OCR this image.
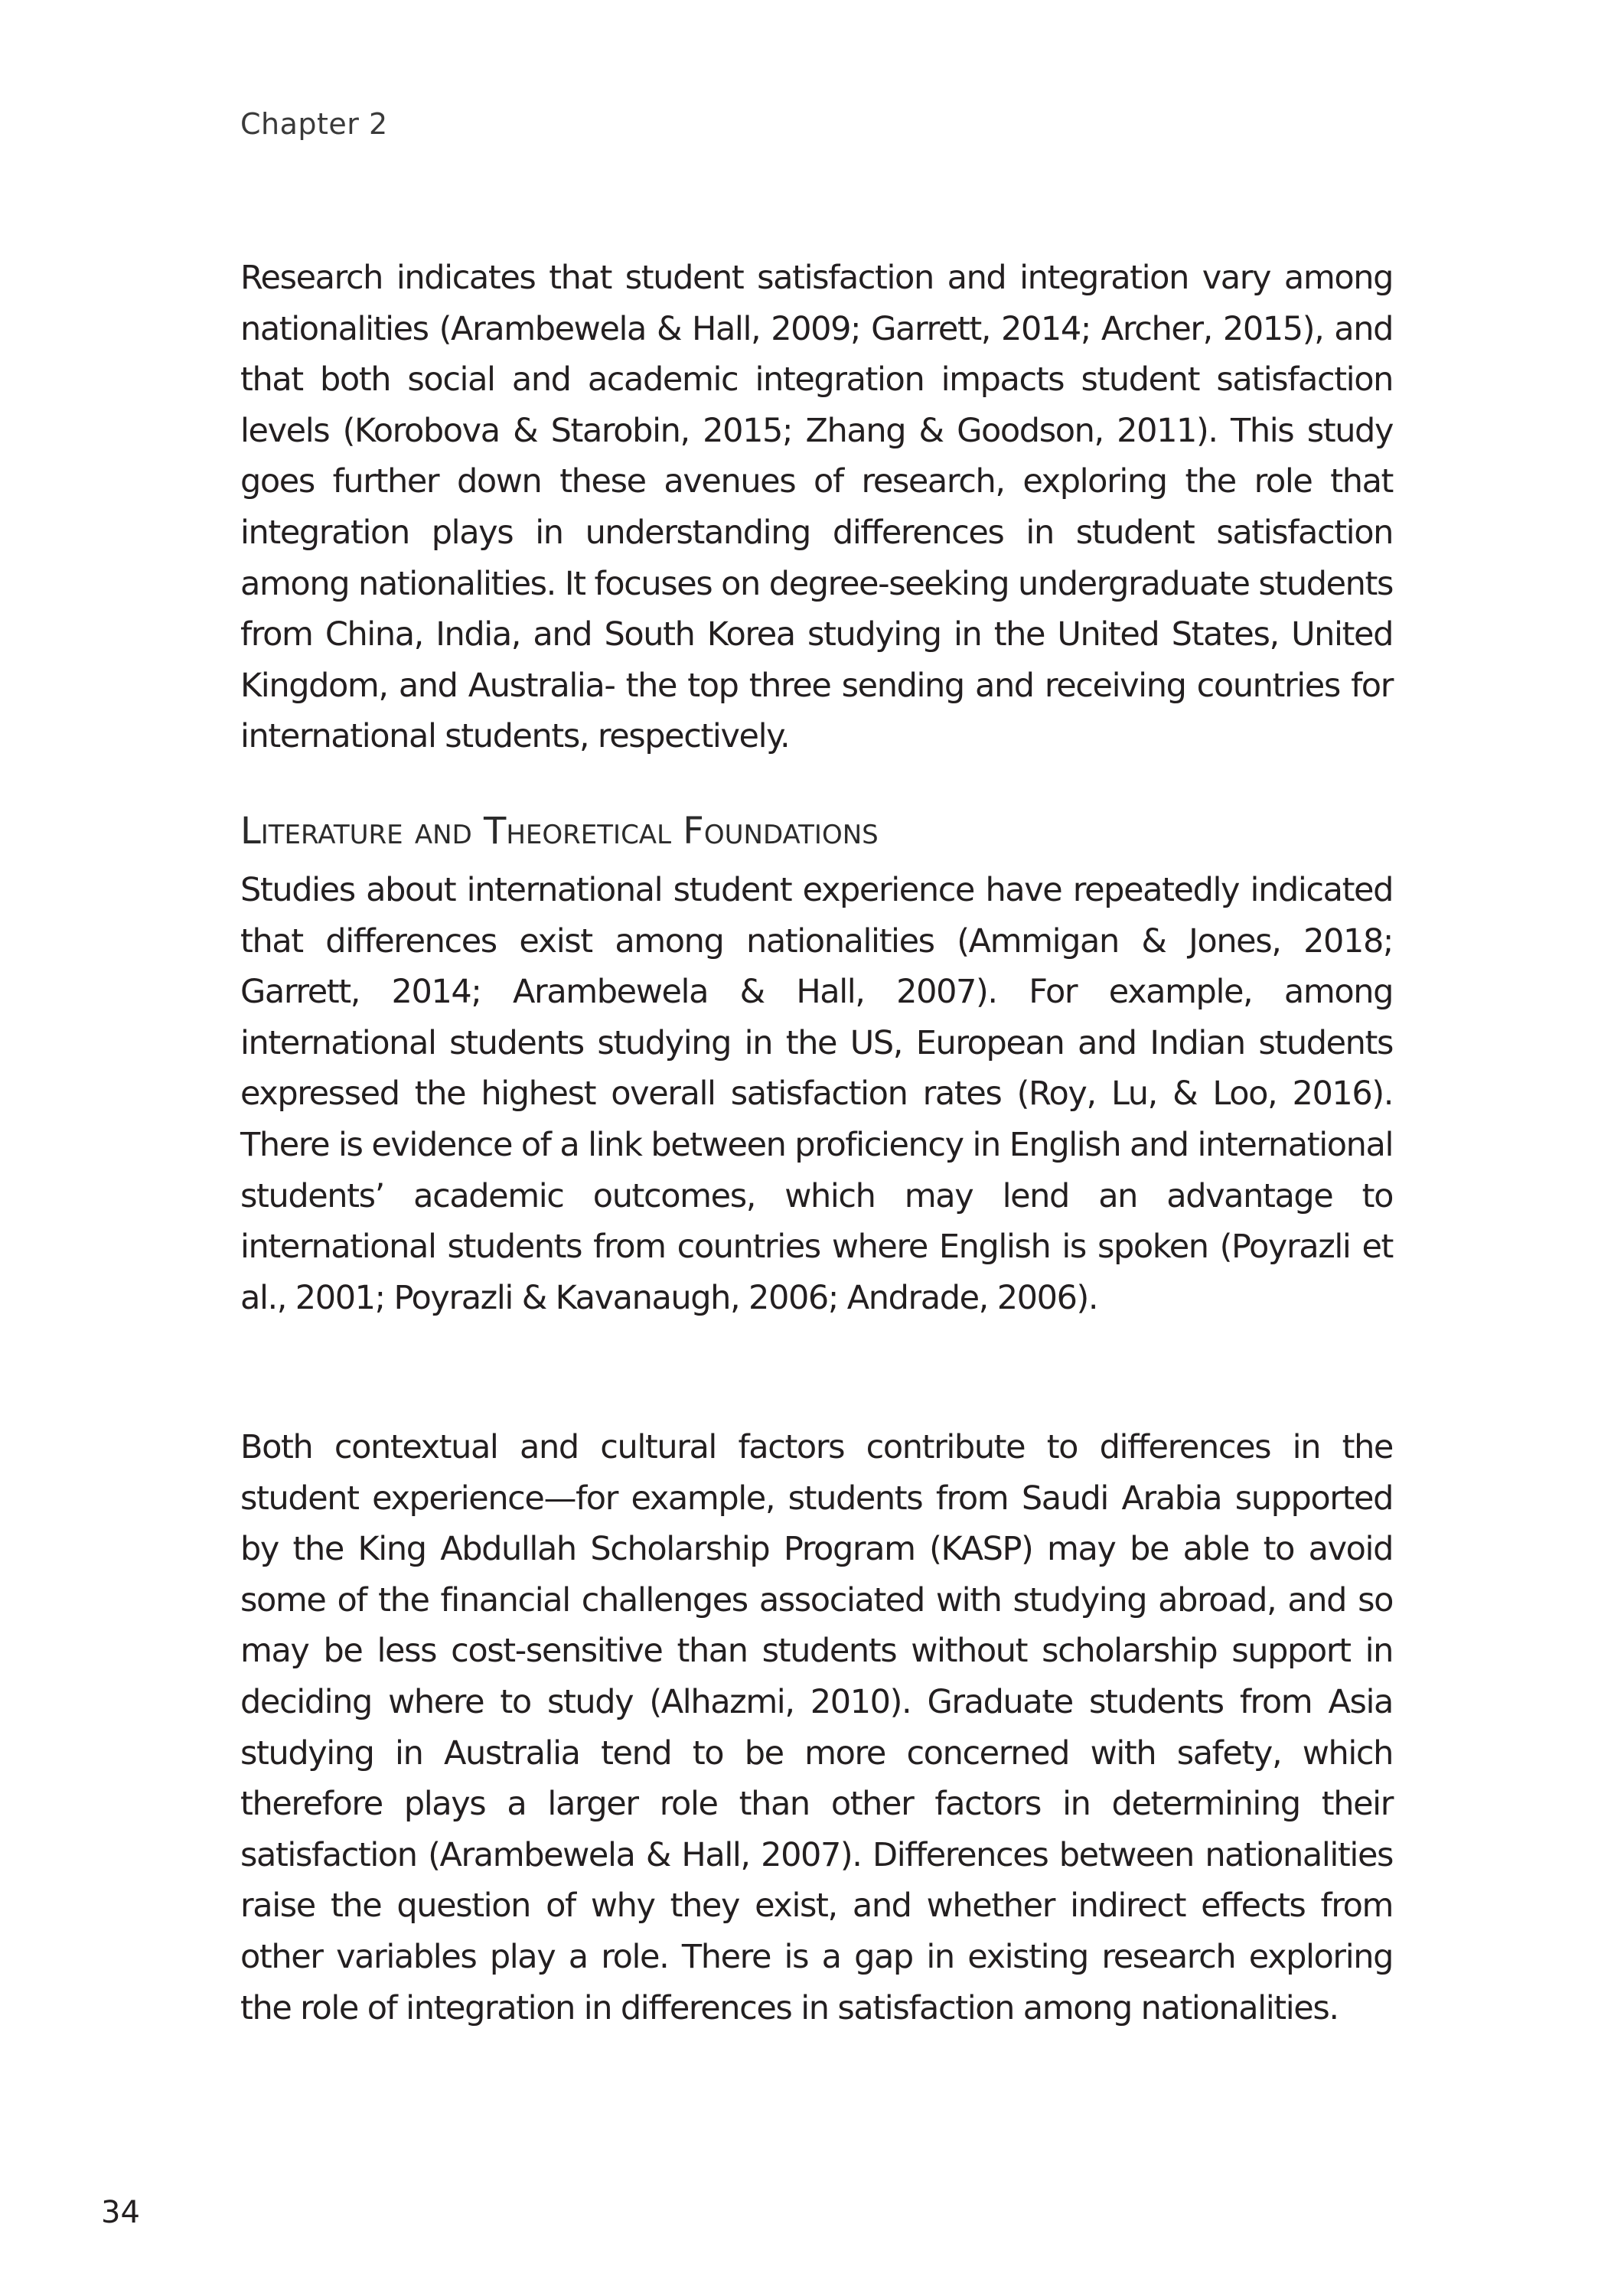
Chapter 2

Research indicates that student satisfaction and integration vary among nationalities (Arambewela & Hall, 2009; Garrett, 2014; Archer, 2015), and that both social and academic integration impacts student satisfaction levels (Korobova & Starobin, 2015; Zhang & Goodson, 2011). This study goes further down these avenues of research, exploring the role that integration plays in understanding differences in student satisfaction among nationalities. It focuses on degree-seeking undergraduate students from China, India, and South Korea studying in the United States, United Kingdom, and Australia- the top three sending and receiving countries for international students, respectively.

Literature and Theoretical Foundations

Studies about international student experience have repeatedly indicated that differences exist among nationalities (Ammigan & Jones, 2018; Garrett, 2014; Arambewela & Hall, 2007). For example, among international students studying in the US, European and Indian students expressed the highest overall satisfaction rates (Roy, Lu, & Loo, 2016). There is evidence of a link between proficiency in English and international students’ academic outcomes, which may lend an advantage to international students from countries where English is spoken (Poyrazli et al., 2001; Poyrazli & Kavanaugh, 2006; Andrade, 2006).

Both contextual and cultural factors contribute to differences in the student experience—for example, students from Saudi Arabia supported by the King Abdullah Scholarship Program (KASP) may be able to avoid some of the financial challenges associated with studying abroad, and so may be less cost-sensitive than students without scholarship support in deciding where to study (Alhazmi, 2010). Graduate students from Asia studying in Australia tend to be more concerned with safety, which therefore plays a larger role than other factors in determining their satisfaction (Arambewela & Hall, 2007). Differences between nationalities raise the question of why they exist, and whether indirect effects from other variables play a role. There is a gap in existing research exploring the role of integration in differences in satisfaction among nationalities.

34
